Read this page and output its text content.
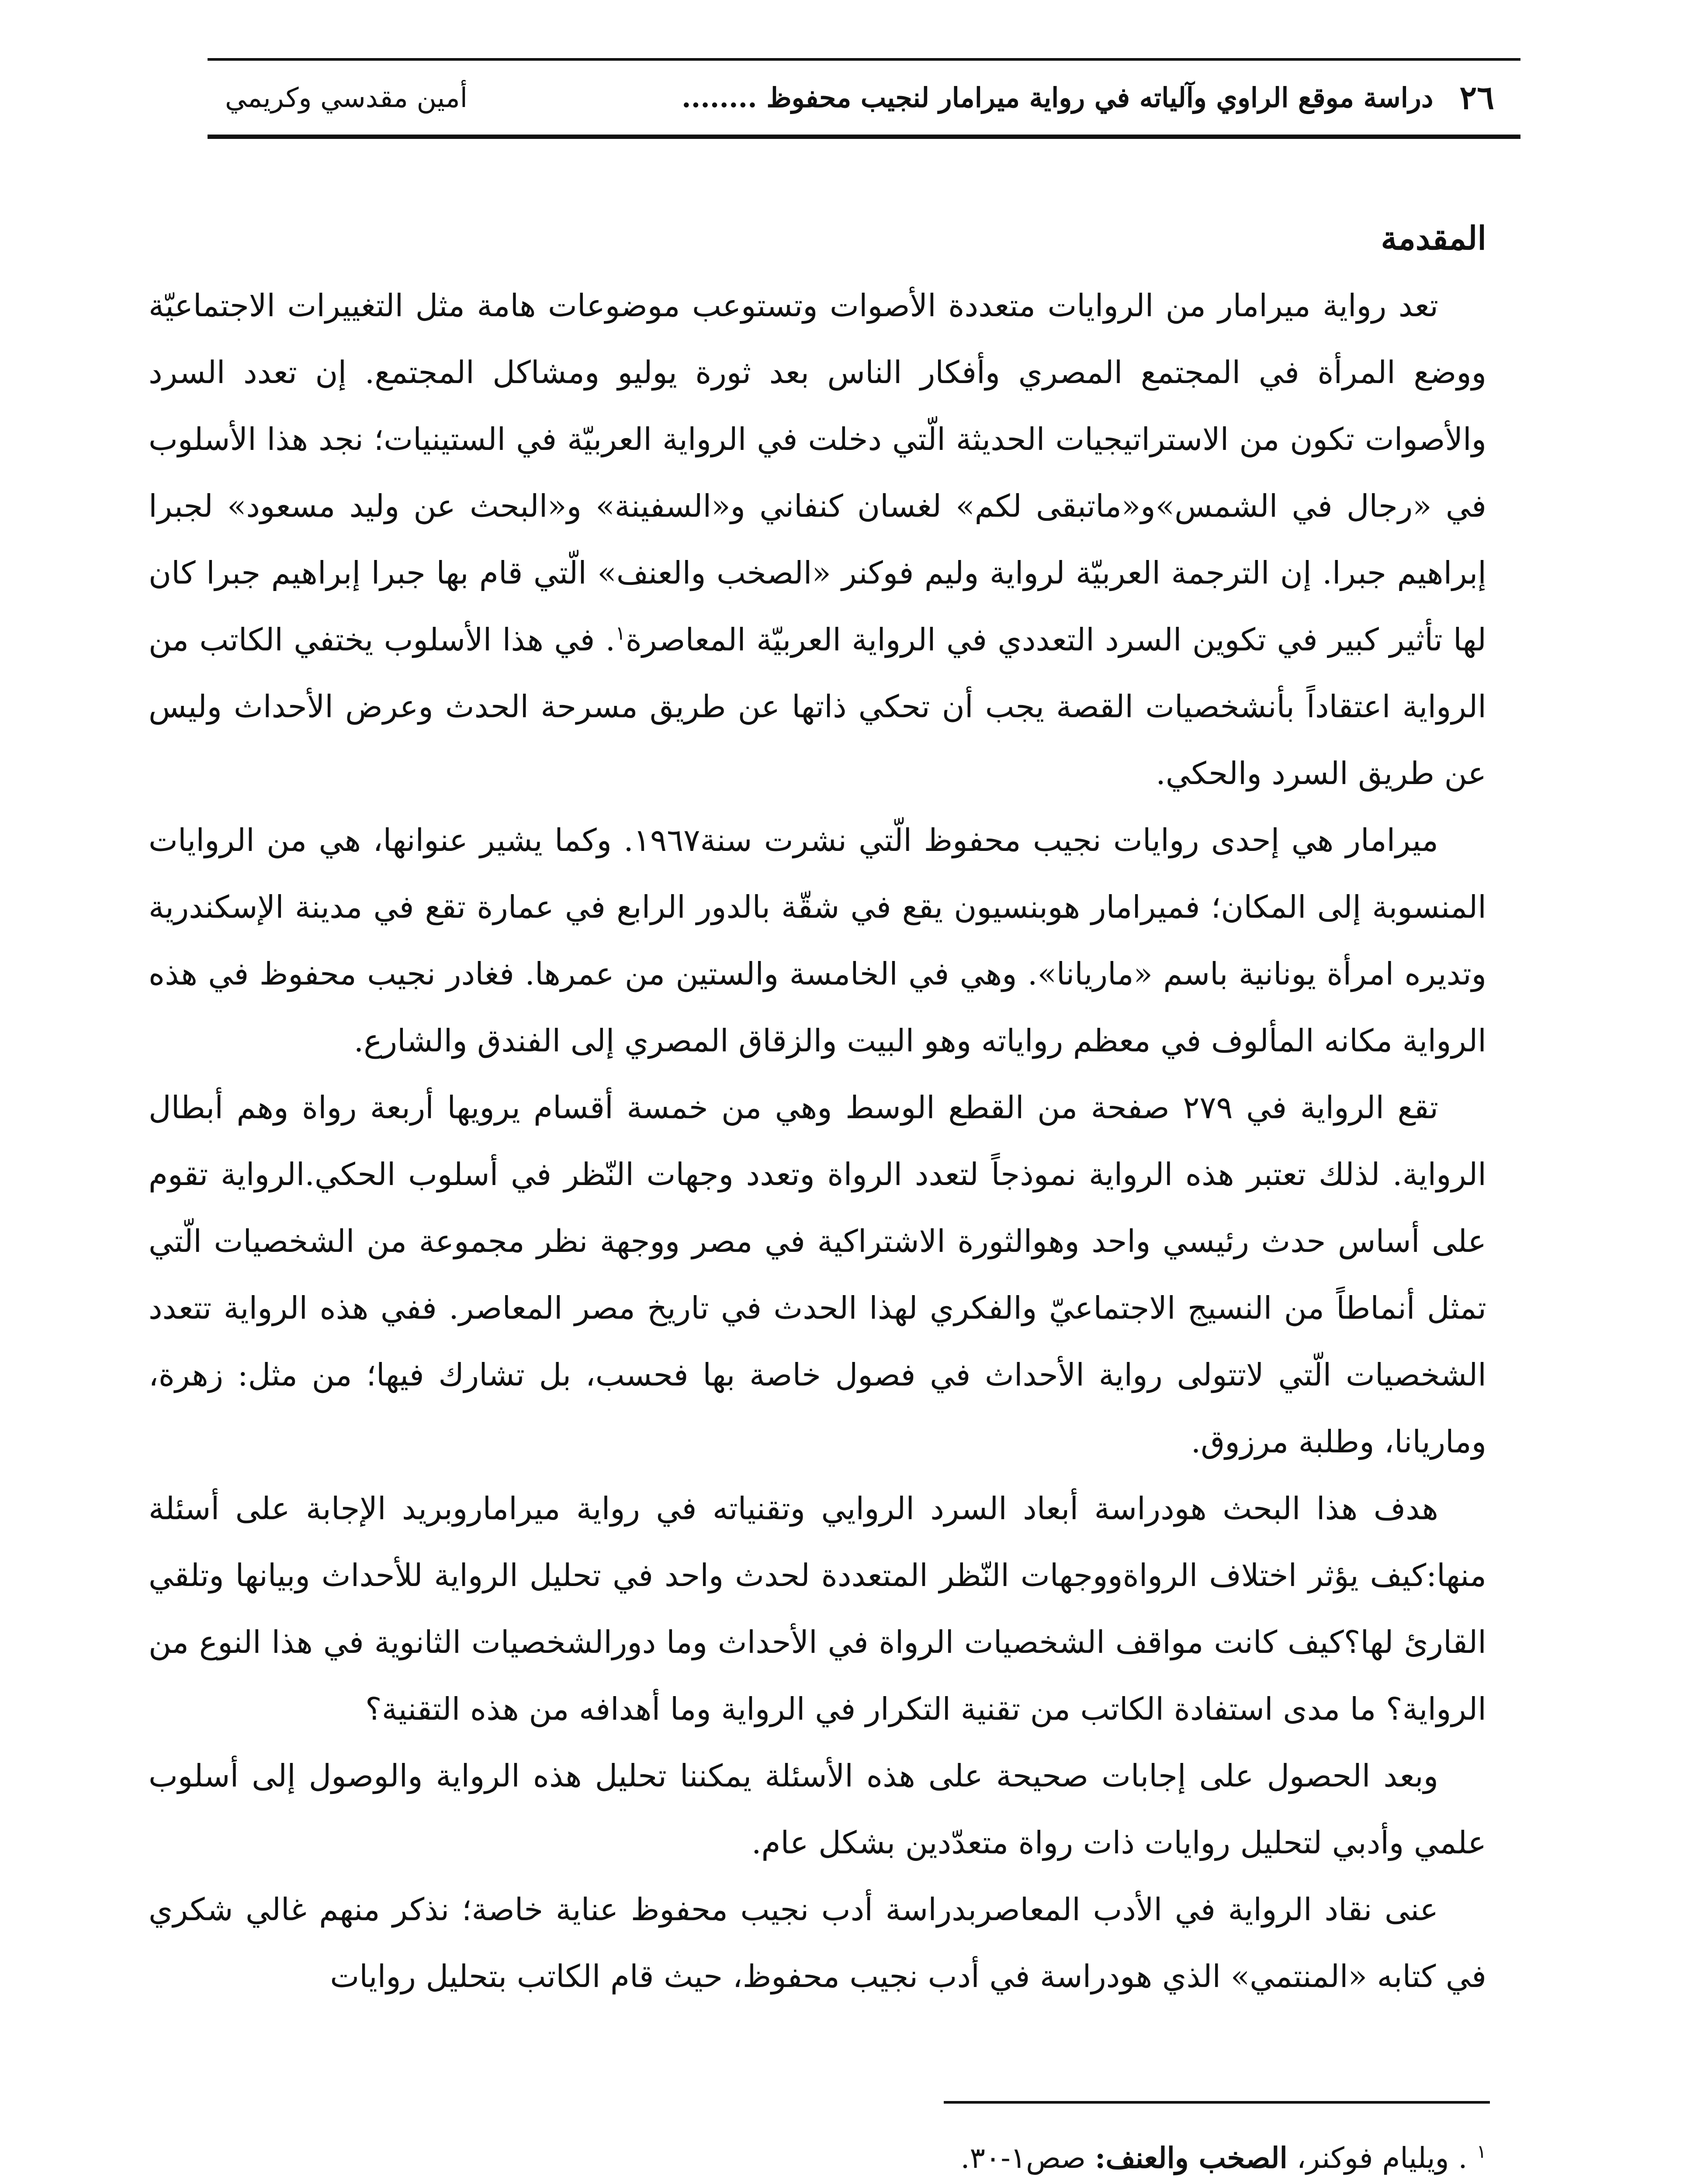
٢٦
دراسة موقع الراوي وآلياته في رواية ميرامار لنجيب محفوظ ........
أمين مقدسي وكريمي
المقدمة

تعد رواية ميرامار من الروايات متعددة الأصوات وتستوعب موضوعات هامة مثل التغييرات الاجتماعيّة ووضع المرأة في المجتمع المصري وأفكار الناس بعد ثورة يوليو ومشاكل المجتمع. إن تعدد السرد والأصوات تكون من الاستراتيجيات الحديثة الّتي دخلت في الرواية العربيّة في الستينيات؛ نجد هذا الأسلوب في «رجال في الشمس»و«ماتبقى لكم» لغسان كنفاني و«السفينة» و«البحث عن وليد مسعود» لجبرا إبراهيم جبرا. إن الترجمة العربيّة لرواية وليم فوكنر «الصخب والعنف» الّتي قام بها جبرا إبراهيم جبرا كان لها تأثير كبير في تكوين السرد التعددي في الرواية العربيّة المعاصرة$^١$. في هذا الأسلوب يختفي الكاتب من الرواية اعتقاداً بأنشخصيات القصة يجب أن تحكي ذاتها عن طريق مسرحة الحدث وعرض الأحداث وليس عن طريق السرد والحكي.

ميرامار هي إحدى روايات نجيب محفوظ الّتي نشرت سنة١٩٦٧. وكما يشير عنوانها، هي من الروايات المنسوبة إلى المكان؛ فميرامار هوبنسيون يقع في شقّة بالدور الرابع في عمارة تقع في مدينة الإسكندرية وتديره امرأة يونانية باسم «ماريانا». وهي في الخامسة والستين من عمرها. فغادر نجيب محفوظ في هذه الرواية مكانه المألوف في معظم رواياته وهو البيت والزقاق المصري إلى الفندق والشارع.

تقع الرواية في ٢٧٩ صفحة من القطع الوسط وهي من خمسة أقسام يرويها أربعة رواة وهم أبطال الرواية. لذلك تعتبر هذه الرواية نموذجاً لتعدد الرواة وتعدد وجهات النّظر في أسلوب الحكي.الرواية تقوم على أساس حدث رئيسي واحد وهوالثورة الاشتراكية في مصر ووجهة نظر مجموعة من الشخصيات الّتي تمثل أنماطاً من النسيج الاجتماعيّ والفكري لهذا الحدث في تاريخ مصر المعاصر. ففي هذه الرواية تتعدد الشخصيات الّتي لاتتولى رواية الأحداث في فصول خاصة بها فحسب، بل تشارك فيها؛ من مثل: زهرة، وماريانا، وطلبة مرزوق.

هدف هذا البحث هودراسة أبعاد السرد الروايي وتقنياته في رواية ميراماروبريد الإجابة على أسئلة منها:كيف يؤثر اختلاف الرواةووجهات النّظر المتعددة لحدث واحد في تحليل الرواية للأحداث وبيانها وتلقي القارئ لها؟كيف كانت مواقف الشخصيات الرواة في الأحداث وما دورالشخصيات الثانوية في هذا النوع من الرواية؟ ما مدى استفادة الكاتب من تقنية التكرار في الرواية وما أهدافه من هذه التقنية؟

وبعد الحصول على إجابات صحيحة على هذه الأسئلة يمكننا تحليل هذه الرواية والوصول إلى أسلوب علمي وأدبي لتحليل روايات ذات رواة متعدّدين بشكل عام.

عنى نقاد الرواية في الأدب المعاصربدراسة أدب نجيب محفوظ عناية خاصة؛ نذكر منهم غالي شكري في كتابه «المنتمي» الذي هودراسة في أدب نجيب محفوظ، حيث قام الكاتب بتحليل روايات

$^١$ . ويليام فوكنر، الصخب والعنف: صص١-٣٠.
